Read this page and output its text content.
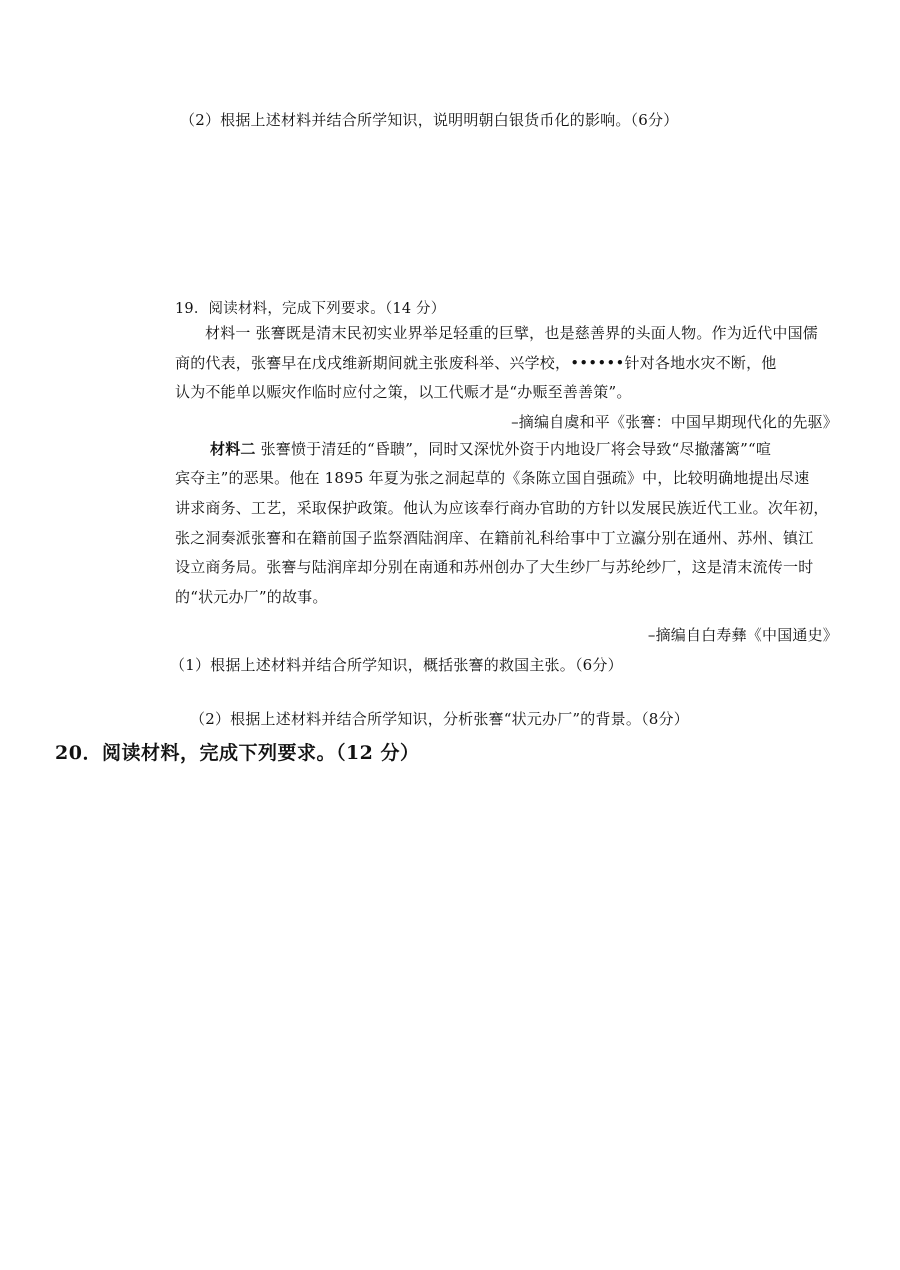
（2）根据上述材料并结合所学知识，说明明朝白银货币化的影响。（6分）
19．阅读材料，完成下列要求。（14 分）
材料一 张謇既是清末民初实业界举足轻重的巨擘，也是慈善界的头面人物。作为近代中国儒
商的代表，张謇早在戊戌维新期间就主张废科举、兴学校，••••••针对各地水灾不断，他
认为不能单以赈灾作临时应付之策，以工代赈才是“办赈至善善策”。
–摘编自虞和平《张謇：中国早期现代化的先驱》
材料二 张謇愤于清廷的“昏聩”，同时又深忧外资于内地设厂将会导致“尽撤藩篱”“喧
宾夺主”的恶果。他在 1895 年夏为张之洞起草的《条陈立国自强疏》中，比较明确地提出尽速
讲求商务、工艺，采取保护政策。他认为应该奉行商办官助的方针以发展民族近代工业。次年初，
张之洞奏派张謇和在籍前国子监祭酒陆润庠、在籍前礼科给事中丁立瀛分别在通州、苏州、镇江
设立商务局。张謇与陆润庠却分别在南通和苏州创办了大生纱厂与苏纶纱厂，这是清末流传一时
的“状元办厂”的故事。
–摘编自白寿彝《中国通史》
（1）根据上述材料并结合所学知识，概括张謇的救国主张。（6分）
（2）根据上述材料并结合所学知识，分析张謇“状元办厂”的背景。（8分）
20．阅读材料，完成下列要求。（12 分）
